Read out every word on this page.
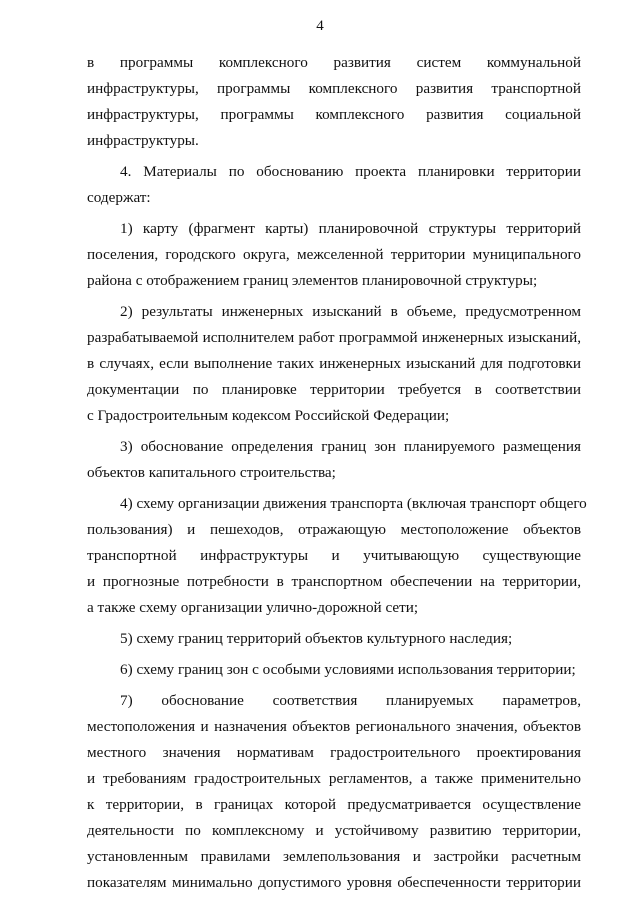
4
в программы комплексного развития систем коммунальной
инфраструктуры, программы комплексного развития транспортной
инфраструктуры, программы комплексного развития социальной
инфраструктуры.
4. Материалы по обоснованию проекта планировки территории
содержат:
1) карту (фрагмент карты) планировочной структуры территорий
поселения, городского округа, межселенной территории муниципального
района с отображением границ элементов планировочной структуры;
2) результаты инженерных изысканий в объеме, предусмотренном
разрабатываемой исполнителем работ программой инженерных изысканий,
в случаях, если выполнение таких инженерных изысканий для подготовки
документации по планировке территории требуется в соответствии
с Градостроительным кодексом Российской Федерации;
3) обоснование определения границ зон планируемого размещения
объектов капитального строительства;
4) схему организации движения транспорта (включая транспорт общего
пользования) и пешеходов, отражающую местоположение объектов
транспортной инфраструктуры и учитывающую существующие
и прогнозные потребности в транспортном обеспечении на территории,
а также схему организации улично-дорожной сети;
5) схему границ территорий объектов культурного наследия;
6) схему границ зон с особыми условиями использования территории;
7) обоснование соответствия планируемых параметров,
местоположения и назначения объектов регионального значения, объектов
местного значения нормативам градостроительного проектирования
и требованиям градостроительных регламентов, а также применительно
к территории, в границах которой предусматривается осуществление
деятельности по комплексному и устойчивому развитию территории,
установленным правилами землепользования и застройки расчетным
показателям минимально допустимого уровня обеспеченности территории
